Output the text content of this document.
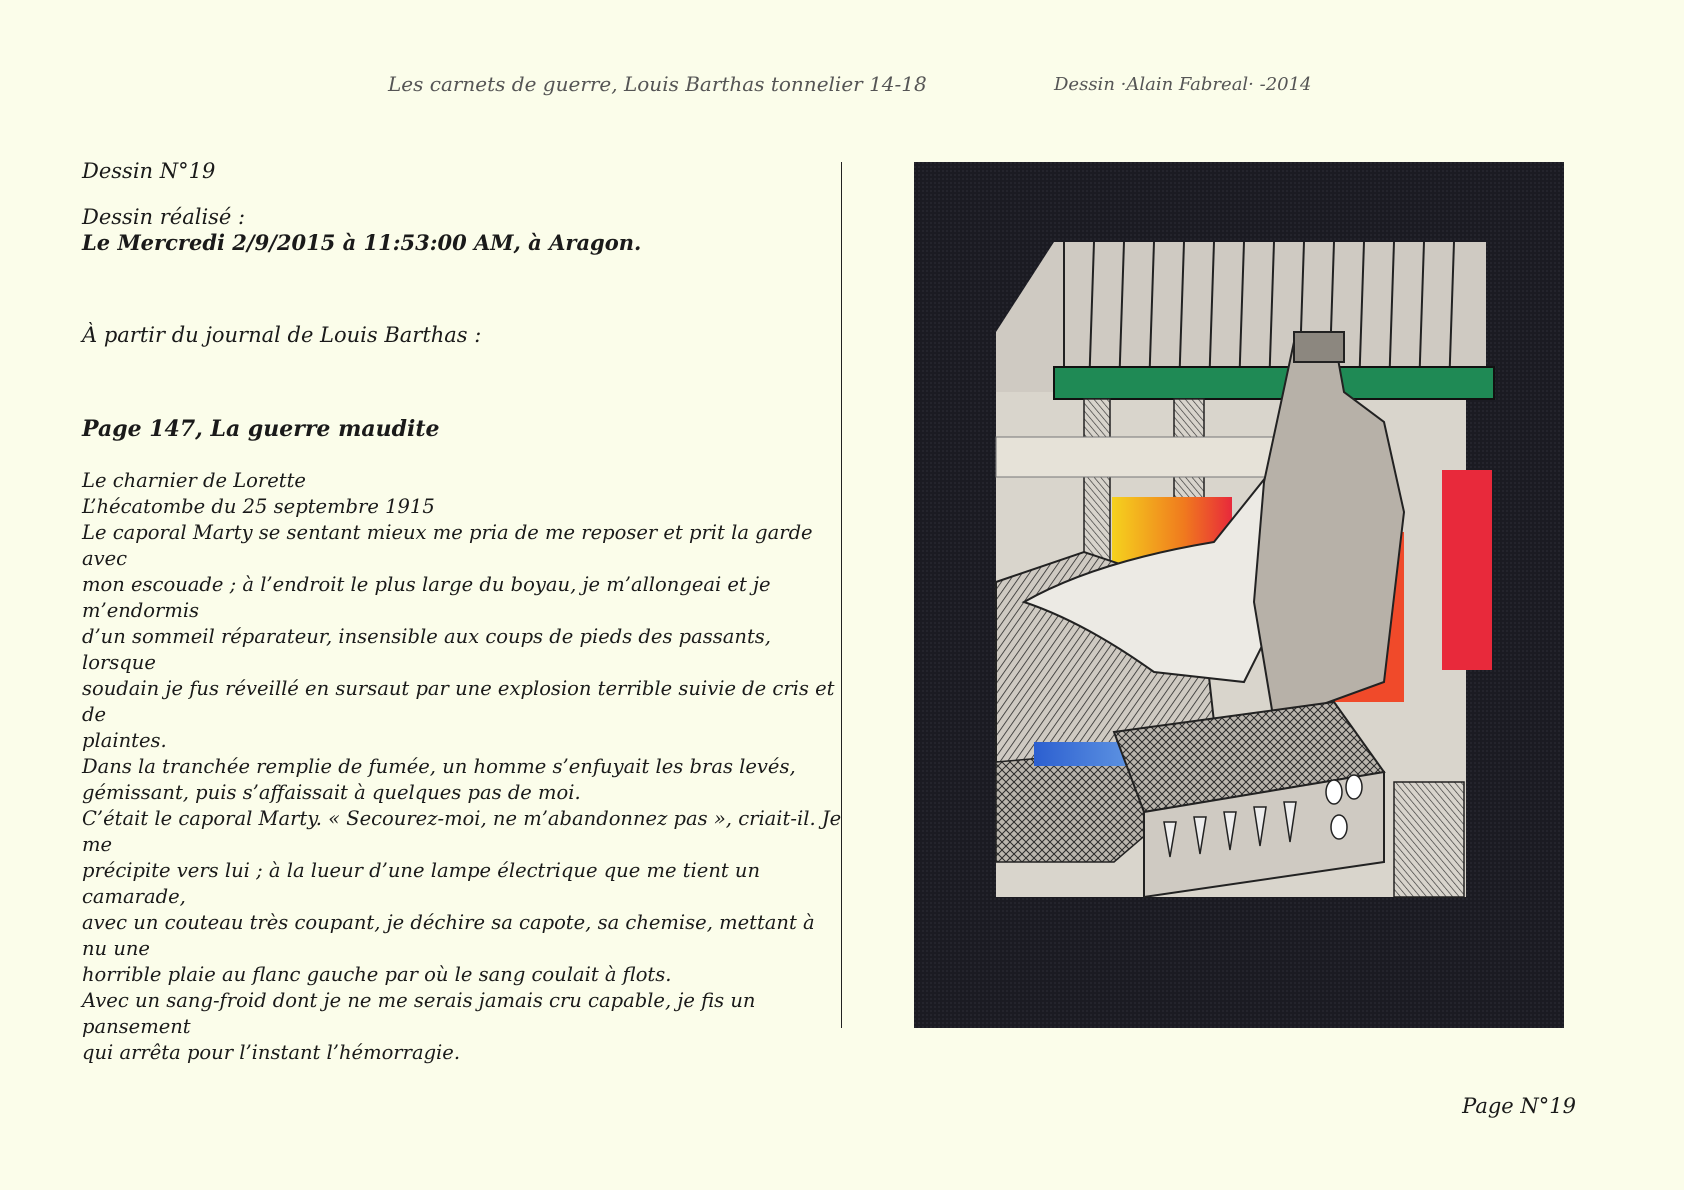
Les carnets de guerre, Louis Barthas tonnelier 14-18	Dessin ·Alain Fabreal· -2014
Dessin N°19
Dessin réalisé :
Le Mercredi 2/9/2015 à 11:53:00 AM, à Aragon.
À partir du journal de Louis Barthas :
Page 147, La guerre maudite

Le charnier de Lorette

L’hécatombe du 25 septembre 1915

Le caporal Marty se sentant mieux me pria de me reposer et prit la garde avec

mon escouade ; à l’endroit le plus large du boyau, je m’allongeai et je m’endormis

d’un sommeil réparateur, insensible aux coups de pieds des passants, lorsque

soudain je fus réveillé en sursaut par une explosion terrible suivie de cris et de

plaintes.

Dans la tranchée remplie de fumée, un homme s’enfuyait les bras levés,

gémissant, puis s’affaissait à quelques pas de moi.

C’était le caporal Marty. « Secourez-moi, ne m’abandonnez pas », criait-il. Je me

précipite vers lui ; à la lueur d’une lampe électrique que me tient un camarade,

avec un couteau très coupant, je déchire sa capote, sa chemise, mettant à nu une

horrible plaie au flanc gauche par où le sang coulait à flots.

Avec un sang-froid dont je ne me serais jamais cru capable, je fis un pansement

qui arrêta pour l’instant l’hémorragie.

Page N°19
